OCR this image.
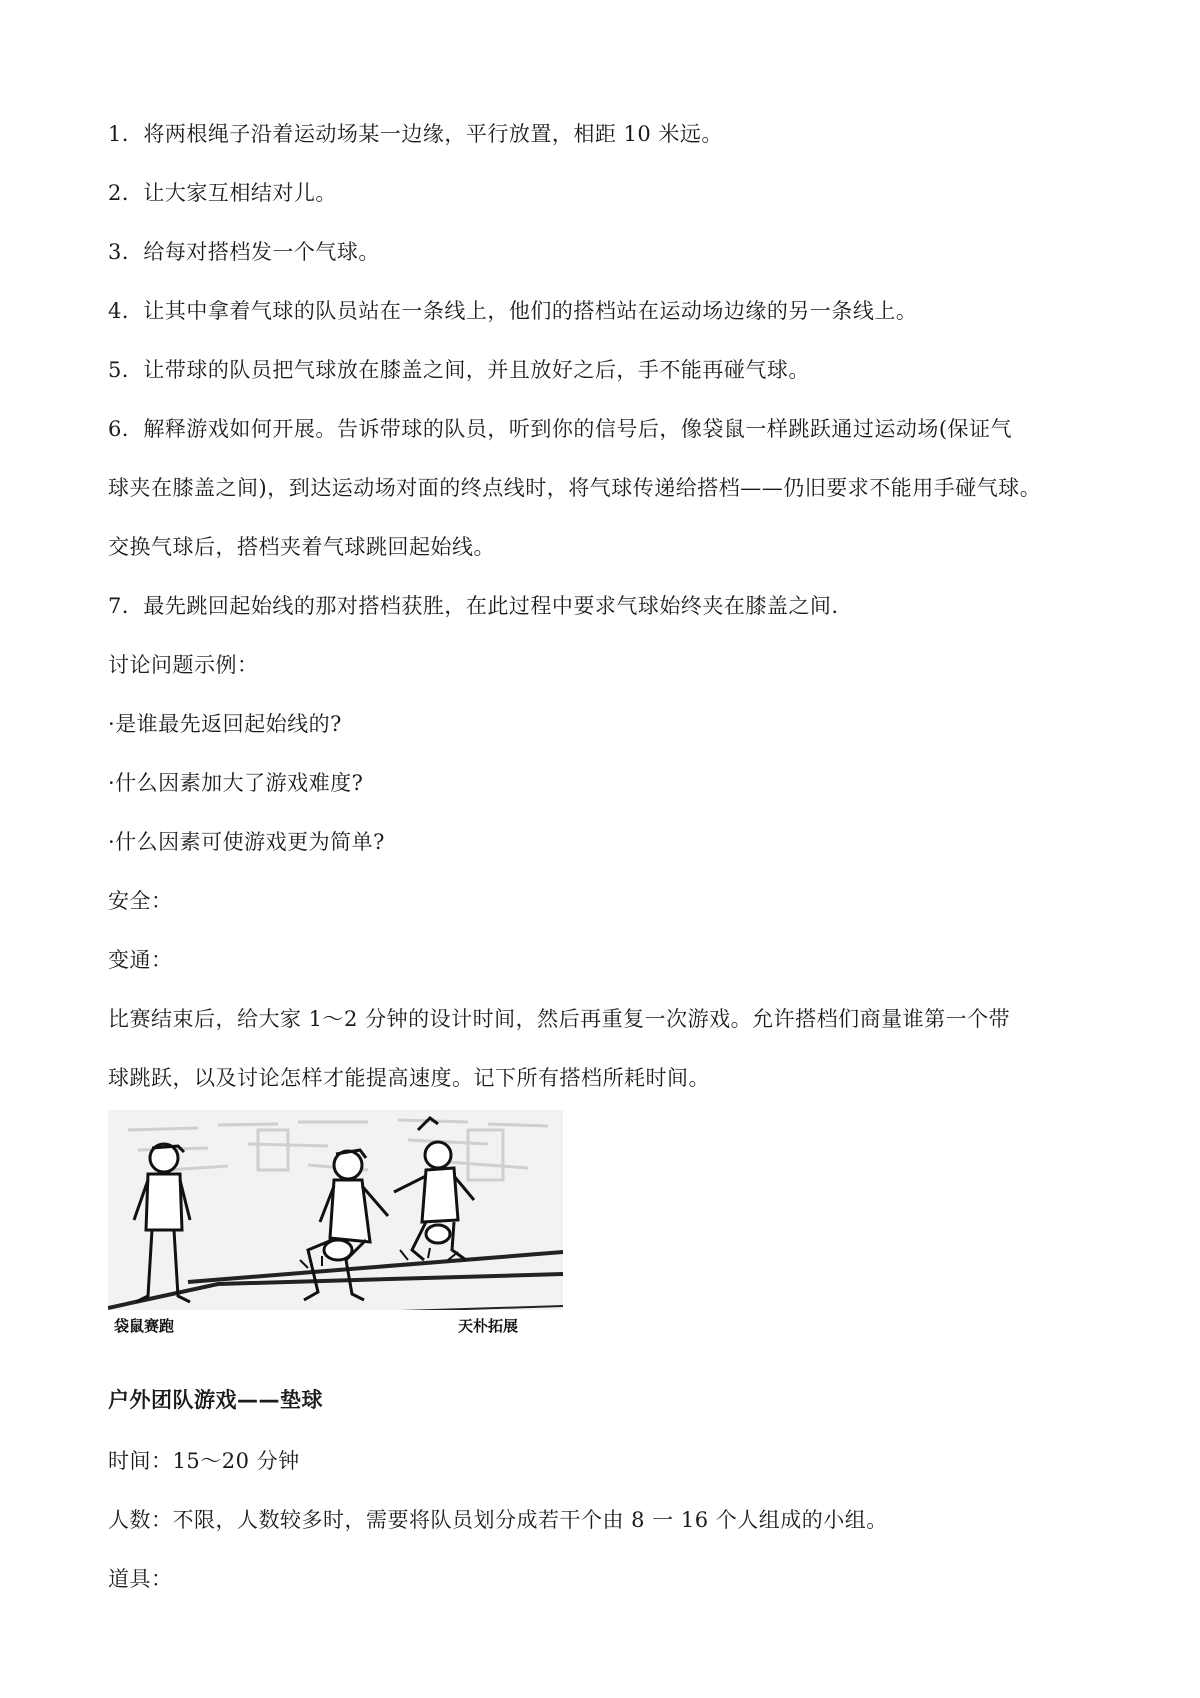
1．将两根绳子沿着运动场某一边缘，平行放置，相距 10 米远。
2．让大家互相结对儿。
3．给每对搭档发一个气球。
4．让其中拿着气球的队员站在一条线上，他们的搭档站在运动场边缘的另一条线上。
5．让带球的队员把气球放在膝盖之间，并且放好之后，手不能再碰气球。
6．解释游戏如何开展。告诉带球的队员，听到你的信号后，像袋鼠一样跳跃通过运动场(保证气
球夹在膝盖之间)，到达运动场对面的终点线时，将气球传递给搭档——仍旧要求不能用手碰气球。
交换气球后，搭档夹着气球跳回起始线。
7．最先跳回起始线的那对搭档获胜，在此过程中要求气球始终夹在膝盖之间.
讨论问题示例：
·是谁最先返回起始线的?
·什么因素加大了游戏难度?
·什么因素可使游戏更为简单?
安全：
变通：
比赛结束后，给大家 1～2 分钟的设计时间，然后再重复一次游戏。允许搭档们商量谁第一个带
球跳跃，以及讨论怎样才能提高速度。记下所有搭档所耗时间。
袋鼠赛跑	天朴拓展
户外团队游戏——垫球
时间：15～20 分钟
人数：不限，人数较多时，需要将队员划分成若干个由 8 一 16 个人组成的小组。
道具：
